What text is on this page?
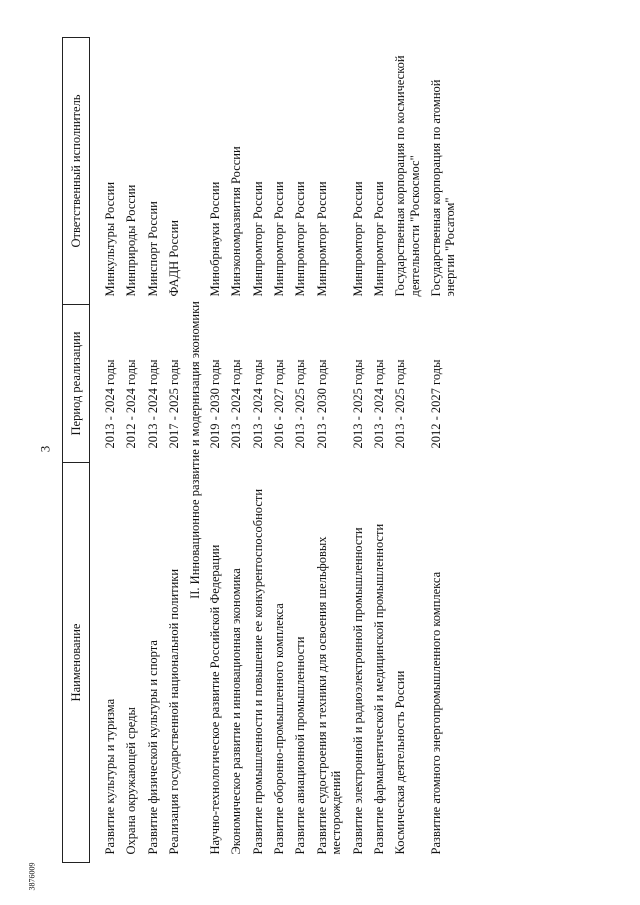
3
3876009
Наименование	Период реализации	Ответственный исполнитель

Развитие культуры и туризма	2013 - 2024 годы	Минкультуры России
Охрана окружающей среды	2012 - 2024 годы	Минприроды России
Развитие физической культуры и спорта	2013 - 2024 годы	Минспорт России
Реализация государственной национальной политики	2017 - 2025 годы	ФАДН России
II. Инновационное развитие и модернизация экономики		
Научно-технологическое развитие Российской Федерации	2019 - 2030 годы	Минобрнауки России
Экономическое развитие и инновационная экономика	2013 - 2024 годы	Минэкономразвития России
Развитие промышленности и повышение ее конкурентоспособности	2013 - 2024 годы	Минпромторг России
Развитие оборонно-промышленного комплекса	2016 - 2027 годы	Минпромторг России
Развитие авиационной промышленности	2013 - 2025 годы	Минпромторг России
Развитие судостроения и техники для освоения шельфовых месторождений	2013 - 2030 годы	Минпромторг России
Развитие электронной и радиоэлектронной промышленности	2013 - 2025 годы	Минпромторг России
Развитие фармацевтической и медицинской промышленности	2013 - 2024 годы	Минпромторг России
Космическая деятельность России	2013 - 2025 годы	Государственная корпорация по космической деятельности "Роскосмос"
Развитие атомного энергопромышленного комплекса	2012 - 2027 годы	Государственная корпорация по атомной энергии "Росатом"
